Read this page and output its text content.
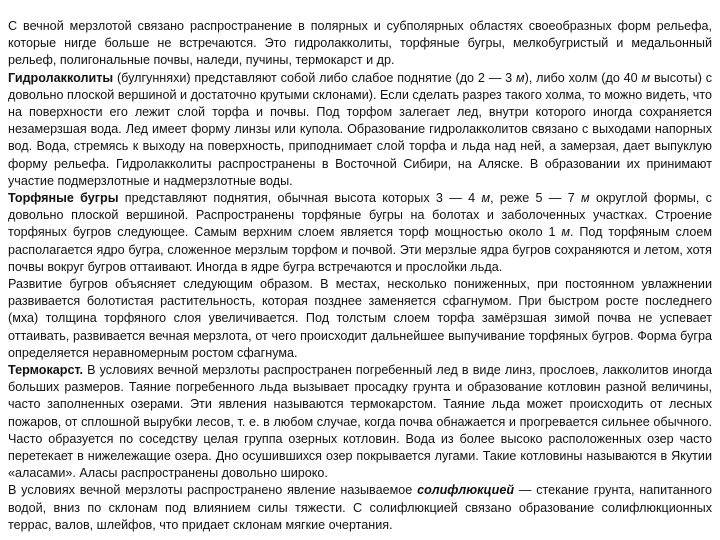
С вечной мерзлотой связано распространение в полярных и субполярных областях своеобразных форм рельефа, которые нигде больше не встречаются. Это гидролакколиты, торфяные бугры, мелкобугристый и медальонный рельеф, полигональные почвы, наледи, пучины, термокарст и др.

Гидролакколиты (булгунняхи) представляют собой либо слабое поднятие (до 2 — 3 м), либо холм (до 40 м высоты) с довольно плоской вершиной и достаточно крутыми склонами). Если сделать разрез такого холма, то можно видеть, что на поверхности его лежит слой торфа и почвы. Под торфом залегает лед, внутри которого иногда сохраняется незамерзшая вода. Лед имеет форму линзы или купола. Образование гидролакколитов связано с выходами напорных вод. Вода, стремясь к выходу на поверхность, приподнимает слой торфа и льда над ней, а замерзая, дает выпуклую форму рельефа. Гидролакколиты распространены в Восточной Сибири, на Аляске. В образовании их принимают участие подмерзлотные и надмерзлотные воды.

Торфяные бугры представляют поднятия, обычная высота которых 3 — 4 м, реже 5 — 7 м округлой формы, с довольно плоской вершиной. Распространены торфяные бугры на болотах и заболоченных участках. Строение торфяных бугров следующее. Самым верхним слоем является торф мощностью около 1 м. Под торфяным слоем располагается ядро бугра, сложенное мерзлым торфом и почвой. Эти мерзлые ядра бугров сохраняются и летом, хотя почвы вокруг бугров оттаивают. Иногда в ядре бугра встречаются и прослойки льда.

Развитие бугров объясняет следующим образом. В местах, несколько пониженных, при постоянном увлажнении развивается болотистая растительность, которая позднее заменяется сфагнумом. При быстром росте последнего (мха) толщина торфяного слоя увеличивается. Под толстым слоем торфа замёрзшая зимой почва не успевает оттаивать, развивается вечная мерзлота, от чего происходит дальнейшее выпучивание торфяных бугров. Форма бугра определяется неравномерным ростом сфагнума.

Термокарст. В условиях вечной мерзлоты распространен погребенный лед в виде линз, прослоев, лакколитов иногда больших размеров. Таяние погребенного льда вызывает просадку грунта и образование котловин разной величины, часто заполненных озерами. Эти явления называются термокарстом. Таяние льда может происходить от лесных пожаров, от сплошной вырубки лесов, т. е. в любом случае, когда почва обнажается и прогревается сильнее обычного. Часто образуется по соседству целая группа озерных котловин. Вода из более высоко расположенных озер часто перетекает в нижележащие озера. Дно осушившихся озер покрывается лугами. Такие котловины называются в Якутии «аласами». Аласы распространены довольно широко.

В условиях вечной мерзлоты распространено явление называемое солифлюкцией — стекание грунта, напитанного водой, вниз по склонам под влиянием силы тяжести. С солифлюкцией связано образование солифлюкционных террас, валов, шлейфов, что придает склонам мягкие очертания.
